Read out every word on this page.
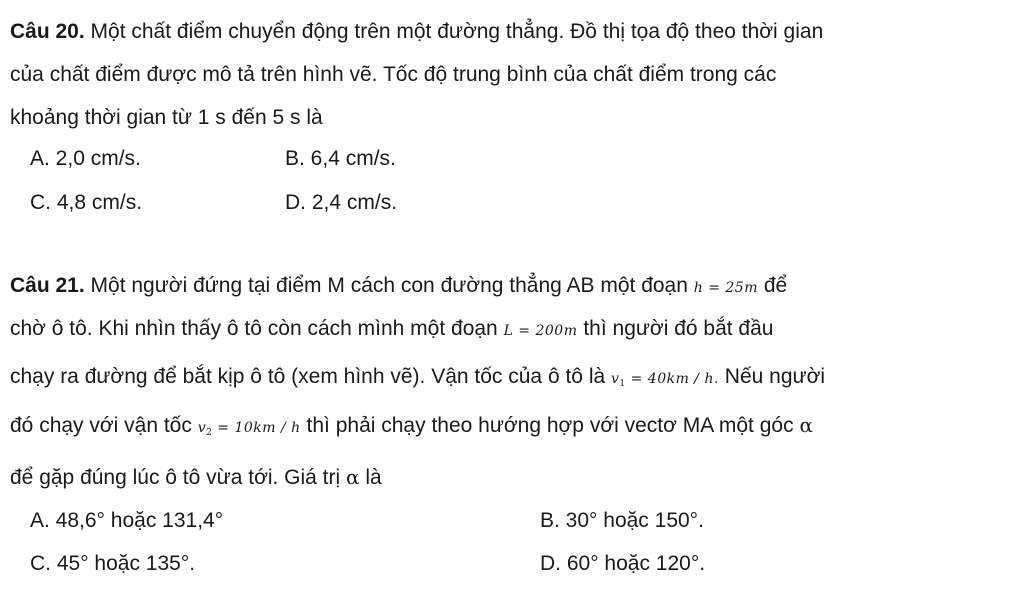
Câu 20. Một chất điểm chuyển động trên một đường thẳng. Đồ thị tọa độ theo thời gian
của chất điểm được mô tả trên hình vẽ. Tốc độ trung bình của chất điểm trong các
khoảng thời gian từ 1 s đến 5 s là
A. 2,0 cm/s.	B. 6,4 cm/s.
C. 4,8 cm/s.	D. 2,4 cm/s.
Câu 21. Một người đứng tại điểm M cách con đường thẳng AB một đoạn h = 25m để
chờ ô tô. Khi nhìn thấy ô tô còn cách mình một đoạn L = 200m thì người đó bắt đầu
chạy ra đường để bắt kịp ô tô (xem hình vẽ). Vận tốc của ô tô là $v_1 = 40km / h$. Nếu người
đó chạy với vận tốc $v_2 = 10km / h$ thì phải chạy theo hướng hợp với vectơ MA một góc α
để gặp đúng lúc ô tô vừa tới. Giá trị α là
A. 48,6° hoặc 131,4°	B. 30° hoặc 150°.
C. 45° hoặc 135°.	D. 60° hoặc 120°.
